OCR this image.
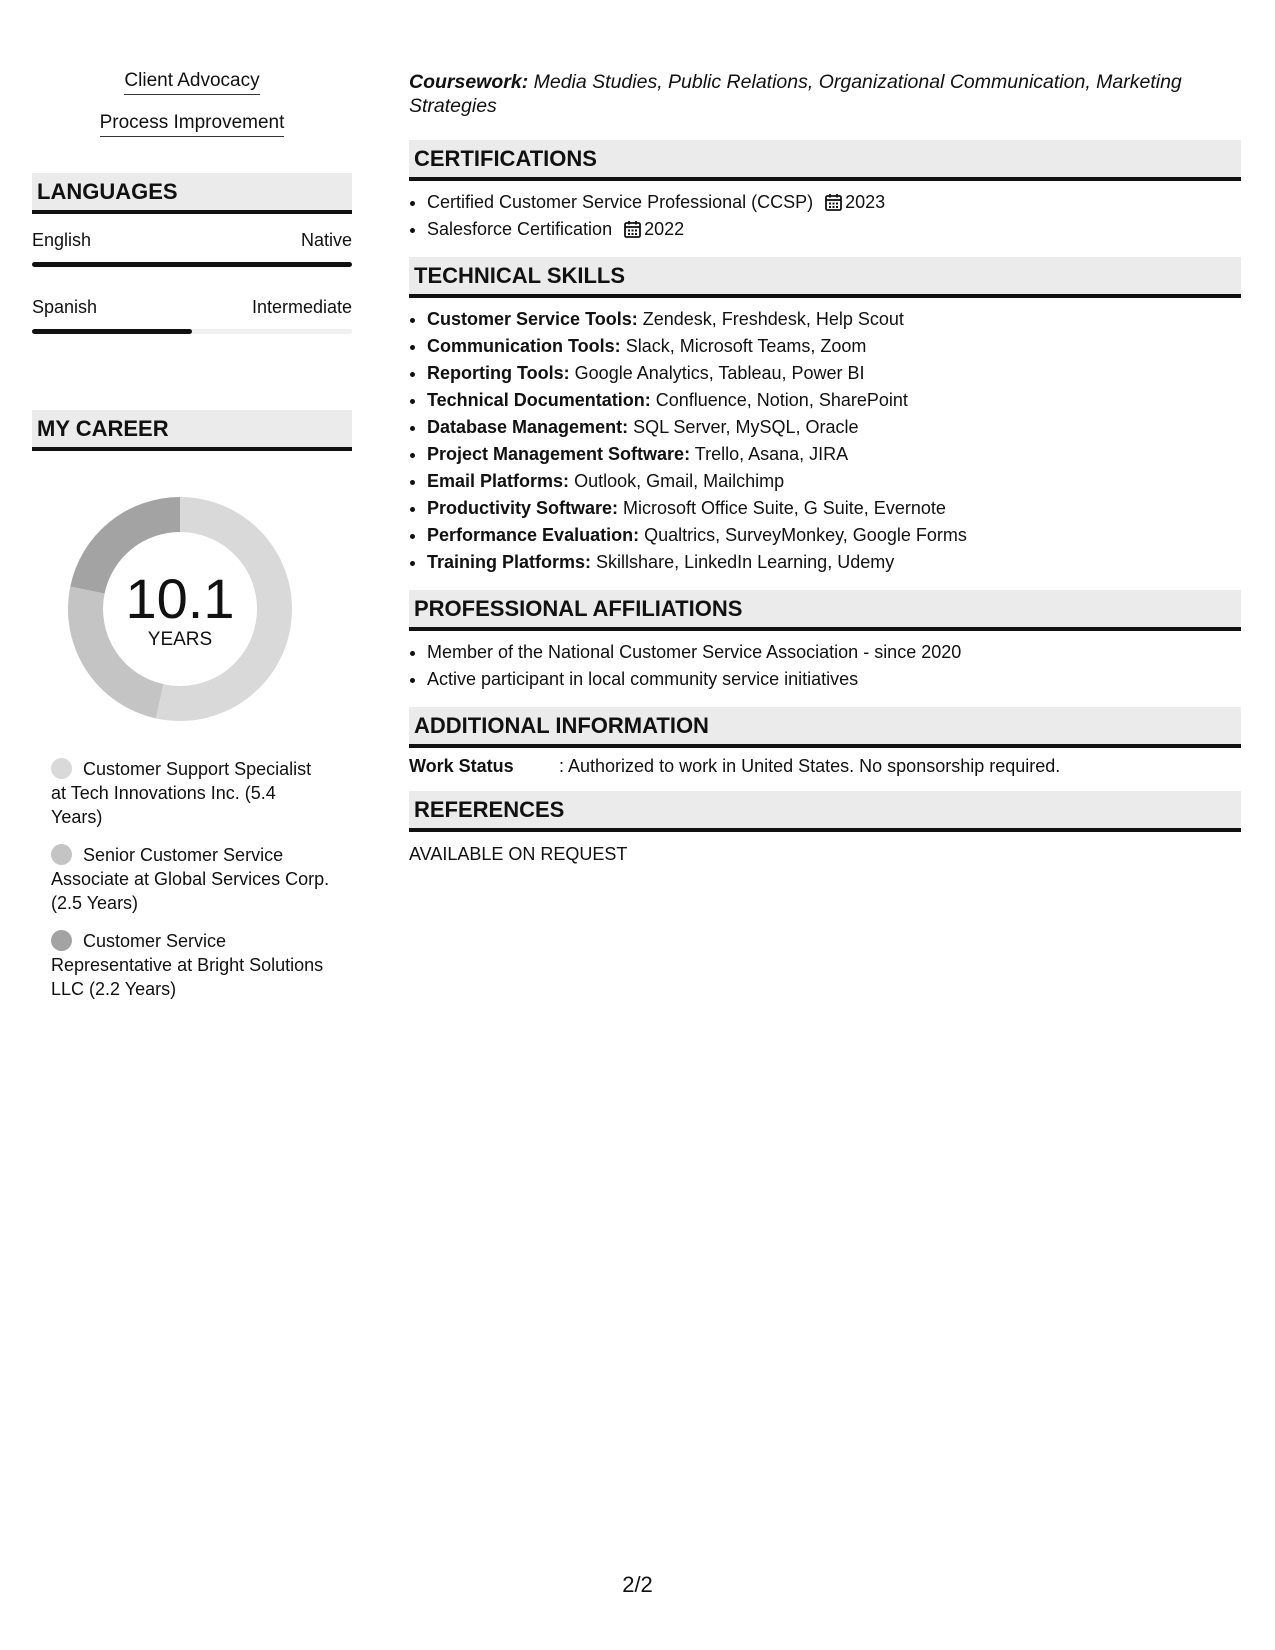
Client Advocacy
Process Improvement
LANGUAGES
English	Native
Spanish	Intermediate
MY CAREER
10.1
YEARS
Customer Support Specialist at Tech Innovations Inc. (5.4 Years)
Senior Customer Service Associate at Global Services Corp. (2.5 Years)
Customer Service Representative at Bright Solutions LLC (2.2 Years)
Coursework: Media Studies, Public Relations, Organizational Communication, Marketing Strategies
CERTIFICATIONS
• Certified Customer Service Professional (CCSP) 2023
• Salesforce Certification 2022
TECHNICAL SKILLS
• Customer Service Tools: Zendesk, Freshdesk, Help Scout
• Communication Tools: Slack, Microsoft Teams, Zoom
• Reporting Tools: Google Analytics, Tableau, Power BI
• Technical Documentation: Confluence, Notion, SharePoint
• Database Management: SQL Server, MySQL, Oracle
• Project Management Software: Trello, Asana, JIRA
• Email Platforms: Outlook, Gmail, Mailchimp
• Productivity Software: Microsoft Office Suite, G Suite, Evernote
• Performance Evaluation: Qualtrics, SurveyMonkey, Google Forms
• Training Platforms: Skillshare, LinkedIn Learning, Udemy
PROFESSIONAL AFFILIATIONS
• Member of the National Customer Service Association - since 2020
• Active participant in local community service initiatives
ADDITIONAL INFORMATION
Work Status	: Authorized to work in United States. No sponsorship required.
REFERENCES
AVAILABLE ON REQUEST
2/2
